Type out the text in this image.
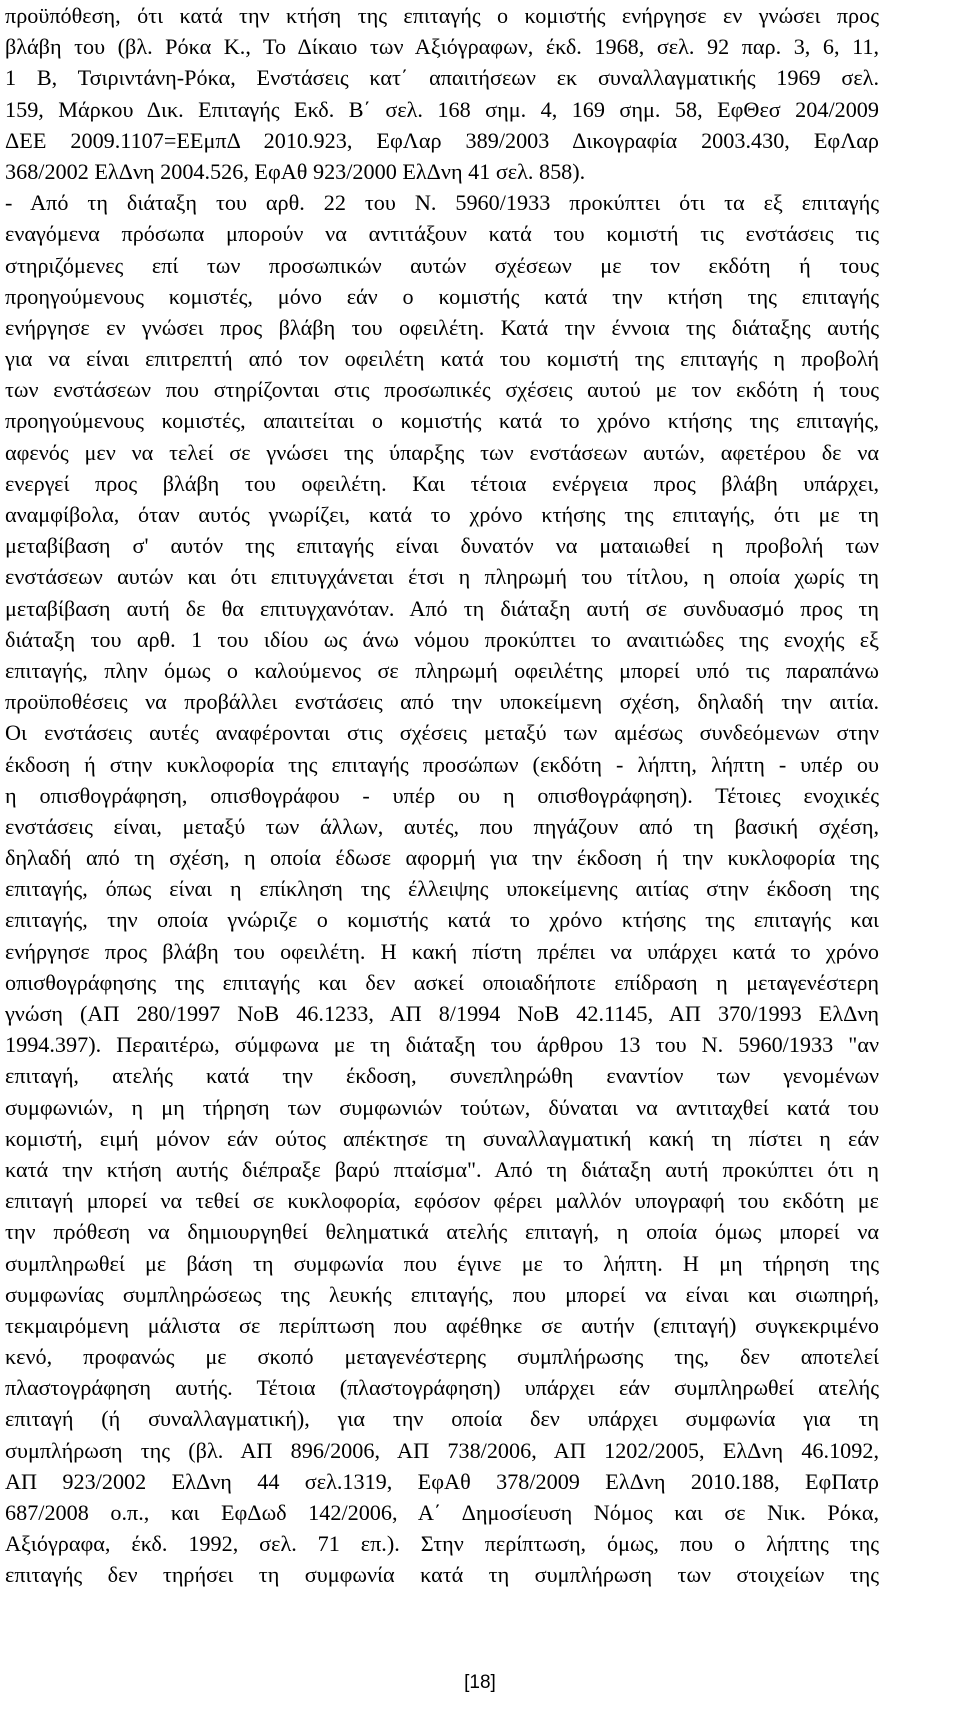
προϋπόθεση, ότι κατά την κτήση της επιταγής ο κομιστής ενήργησε εν γνώσει προς
βλάβη του (βλ. Ρόκα Κ., Το Δίκαιο των Αξιόγραφων, έκδ. 1968, σελ. 92 παρ. 3, 6, 11,
1 Β, Τσιριντάνη-Ρόκα, Ενστάσεις κατ΄ απαιτήσεων εκ συναλλαγματικής 1969 σελ.
159, Μάρκου Δικ. Επιταγής Εκδ. Β΄ σελ. 168 σημ. 4, 169 σημ. 58, ΕφΘεσ 204/2009
ΔΕΕ 2009.1107=ΕΕμπΔ 2010.923, ΕφΛαρ 389/2003 Δικογραφία 2003.430, ΕφΛαρ
368/2002 ΕλΔνη 2004.526, ΕφΑθ 923/2000 ΕλΔνη 41 σελ. 858).
- Από τη διάταξη του αρθ. 22 του Ν. 5960/1933 προκύπτει ότι τα εξ επιταγής
εναγόμενα πρόσωπα μπορούν να αντιτάξουν κατά του κομιστή τις ενστάσεις τις
στηριζόμενες επί των προσωπικών αυτών σχέσεων με τον εκδότη ή τους
προηγούμενους κομιστές, μόνο εάν ο κομιστής κατά την κτήση της επιταγής
ενήργησε εν γνώσει προς βλάβη του οφειλέτη. Κατά την έννοια της διάταξης αυτής
για να είναι επιτρεπτή από τον οφειλέτη κατά του κομιστή της επιταγής η προβολή
των ενστάσεων που στηρίζονται στις προσωπικές σχέσεις αυτού με τον εκδότη ή τους
προηγούμενους κομιστές, απαιτείται ο κομιστής κατά το χρόνο κτήσης της επιταγής,
αφενός μεν να τελεί σε γνώσει της ύπαρξης των ενστάσεων αυτών, αφετέρου δε να
ενεργεί προς βλάβη του οφειλέτη. Και τέτοια ενέργεια προς βλάβη υπάρχει,
αναμφίβολα, όταν αυτός γνωρίζει, κατά το χρόνο κτήσης της επιταγής, ότι με τη
μεταβίβαση σ' αυτόν της επιταγής είναι δυνατόν να ματαιωθεί η προβολή των
ενστάσεων αυτών και ότι επιτυγχάνεται έτσι η πληρωμή του τίτλου, η οποία χωρίς τη
μεταβίβαση αυτή δε θα επιτυγχανόταν. Από τη διάταξη αυτή σε συνδυασμό προς τη
διάταξη του αρθ. 1 του ιδίου ως άνω νόμου προκύπτει το αναιτιώδες της ενοχής εξ
επιταγής, πλην όμως ο καλούμενος σε πληρωμή οφειλέτης μπορεί υπό τις παραπάνω
προϋποθέσεις να προβάλλει ενστάσεις από την υποκείμενη σχέση, δηλαδή την αιτία.
Οι ενστάσεις αυτές αναφέρονται στις σχέσεις μεταξύ των αμέσως συνδεόμενων στην
έκδοση ή στην κυκλοφορία της επιταγής προσώπων (εκδότη - λήπτη, λήπτη - υπέρ ου
η οπισθογράφηση, οπισθογράφου - υπέρ ου η οπισθογράφηση). Τέτοιες ενοχικές
ενστάσεις είναι, μεταξύ των άλλων, αυτές, που πηγάζουν από τη βασική σχέση,
δηλαδή από τη σχέση, η οποία έδωσε αφορμή για την έκδοση ή την κυκλοφορία της
επιταγής, όπως είναι η επίκληση της έλλειψης υποκείμενης αιτίας στην έκδοση της
επιταγής, την οποία γνώριζε ο κομιστής κατά το χρόνο κτήσης της επιταγής και
ενήργησε προς βλάβη του οφειλέτη. Η κακή πίστη πρέπει να υπάρχει κατά το χρόνο
οπισθογράφησης της επιταγής και δεν ασκεί οποιαδήποτε επίδραση η μεταγενέστερη
γνώση (ΑΠ 280/1997 ΝοΒ 46.1233, ΑΠ 8/1994 ΝοΒ 42.1145, ΑΠ 370/1993 ΕλΔνη
1994.397). Περαιτέρω, σύμφωνα με τη διάταξη του άρθρου 13 του Ν. 5960/1933 "αν
επιταγή, ατελής κατά την έκδοση, συνεπληρώθη εναντίον των γενομένων
συμφωνιών, η μη τήρηση των συμφωνιών τούτων, δύναται να αντιταχθεί κατά του
κομιστή, ειμή μόνον εάν ούτος απέκτησε τη συναλλαγματική κακή τη πίστει η εάν
κατά την κτήση αυτής διέπραξε βαρύ πταίσμα". Από τη διάταξη αυτή προκύπτει ότι η
επιταγή μπορεί να τεθεί σε κυκλοφορία, εφόσον φέρει μαλλόν υπογραφή του εκδότη με
την πρόθεση να δημιουργηθεί θεληματικά ατελής επιταγή, η οποία όμως μπορεί να
συμπληρωθεί με βάση τη συμφωνία που έγινε με το λήπτη. Η μη τήρηση της
συμφωνίας συμπληρώσεως της λευκής επιταγής, που μπορεί να είναι και σιωπηρή,
τεκμαιρόμενη μάλιστα σε περίπτωση που αφέθηκε σε αυτήν (επιταγή) συγκεκριμένο
κενό, προφανώς με σκοπό μεταγενέστερης συμπλήρωσης της, δεν αποτελεί
πλαστογράφηση αυτής. Τέτοια (πλαστογράφηση) υπάρχει εάν συμπληρωθεί ατελής
επιταγή (ή συναλλαγματική), για την οποία δεν υπάρχει συμφωνία για τη
συμπλήρωση της (βλ. ΑΠ 896/2006, ΑΠ 738/2006, ΑΠ 1202/2005, ΕλΔνη 46.1092,
ΑΠ 923/2002 ΕλΔνη 44 σελ.1319, ΕφΑθ 378/2009 ΕλΔνη 2010.188, ΕφΠατρ
687/2008 ο.π., και ΕφΔωδ 142/2006, Α΄ Δημοσίευση Νόμος και σε Νικ. Ρόκα,
Αξιόγραφα, έκδ. 1992, σελ. 71 επ.). Στην περίπτωση, όμως, που ο λήπτης της
επιταγής δεν τηρήσει τη συμφωνία κατά τη συμπλήρωση των στοιχείων της
[18]
